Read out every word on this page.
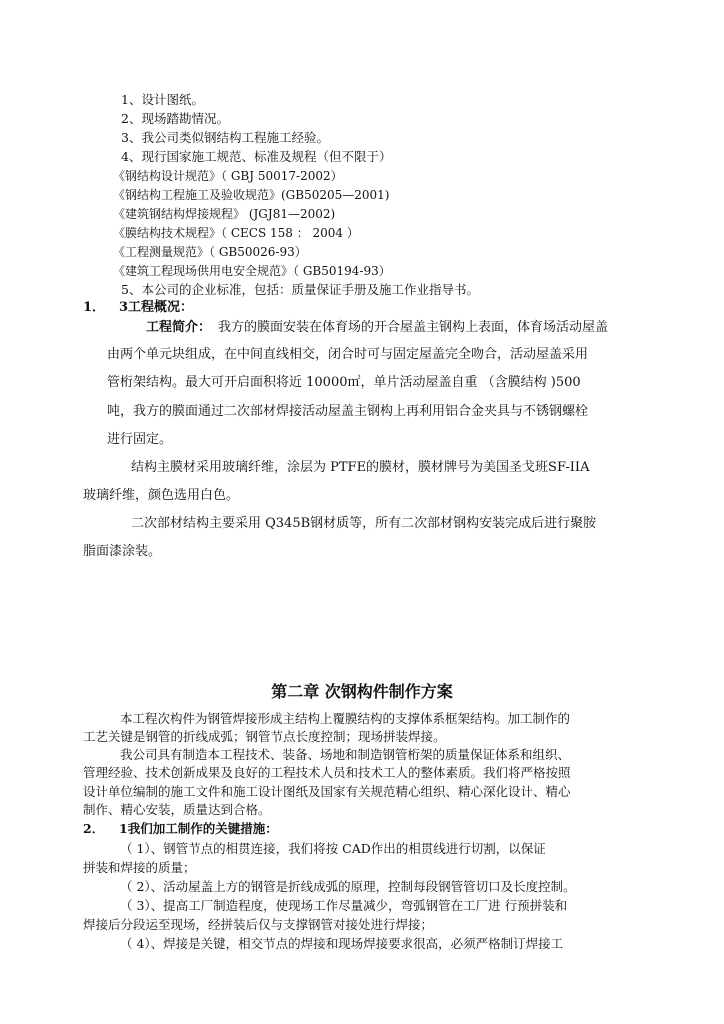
1、设计图纸。
2、现场踏勘情况。
3、我公司类似钢结构工程施工经验。
4、现行国家施工规范、标准及规程（但不限于）
《钢结构设计规范》（ GBJ 50017-2002）
《钢结构工程施工及验收规范》(GB50205—2001)
《建筑钢结构焊接规程》 (JGJ81—2002)
《膜结构技术规程》（ CECS 158 ： 2004 ）
《工程测量规范》（ GB50026-93）
《建筑工程现场供用电安全规范》（ GB50194-93）
5、本公司的企业标准，包括：质量保证手册及施工作业指导书。
1． 3工程概况：
工程简介： 我方的膜面安装在体育场的开合屋盖主钢构上表面，体育场活动屋盖
由两个单元块组成，在中间直线相交，闭合时可与固定屋盖完全吻合，活动屋盖采用
管桁架结构。最大可开启面积将近 10000㎡，单片活动屋盖自重 （含膜结构 )500
吨，我方的膜面通过二次部材焊接活动屋盖主钢构上再利用铝合金夹具与不锈钢螺栓
进行固定。
结构主膜材采用玻璃纤维，涂层为 PTFE的膜材，膜材牌号为美国圣戈班SF-IIA
玻璃纤维，颜色选用白色。
二次部材结构主要采用 Q345B钢材质等，所有二次部材钢构安装完成后进行聚胺
脂面漆涂装。
第二章 次钢构件制作方案
本工程次构件为钢管焊接形成主结构上覆膜结构的支撑体系框架结构。加工制作的
工艺关键是钢管的折线成弧；钢管节点长度控制；现场拼装焊接。
我公司具有制造本工程技术、装备、场地和制造钢管桁架的质量保证体系和组织、
管理经验、技术创新成果及良好的工程技术人员和技术工人的整体素质。我们将严格按照
设计单位编制的施工文件和施工设计图纸及国家有关规范精心组织、精心深化设计、精心
制作、精心安装，质量达到合格。
2． 1我们加工制作的关键措施：
（ 1）、钢管节点的相贯连接，我们将按 CAD作出的相贯线进行切割，以保证
拼装和焊接的质量；
（ 2）、活动屋盖上方的钢管是折线成弧的原理，控制每段钢管管切口及长度控制。
（ 3）、提高工厂制造程度，使现场工作尽量减少，弯弧钢管在工厂进 行预拼装和
焊接后分段运至现场，经拼装后仅与支撑钢管对接处进行焊接；
（ 4）、焊接是关键，相交节点的焊接和现场焊接要求很高，必须严格制订焊接工
